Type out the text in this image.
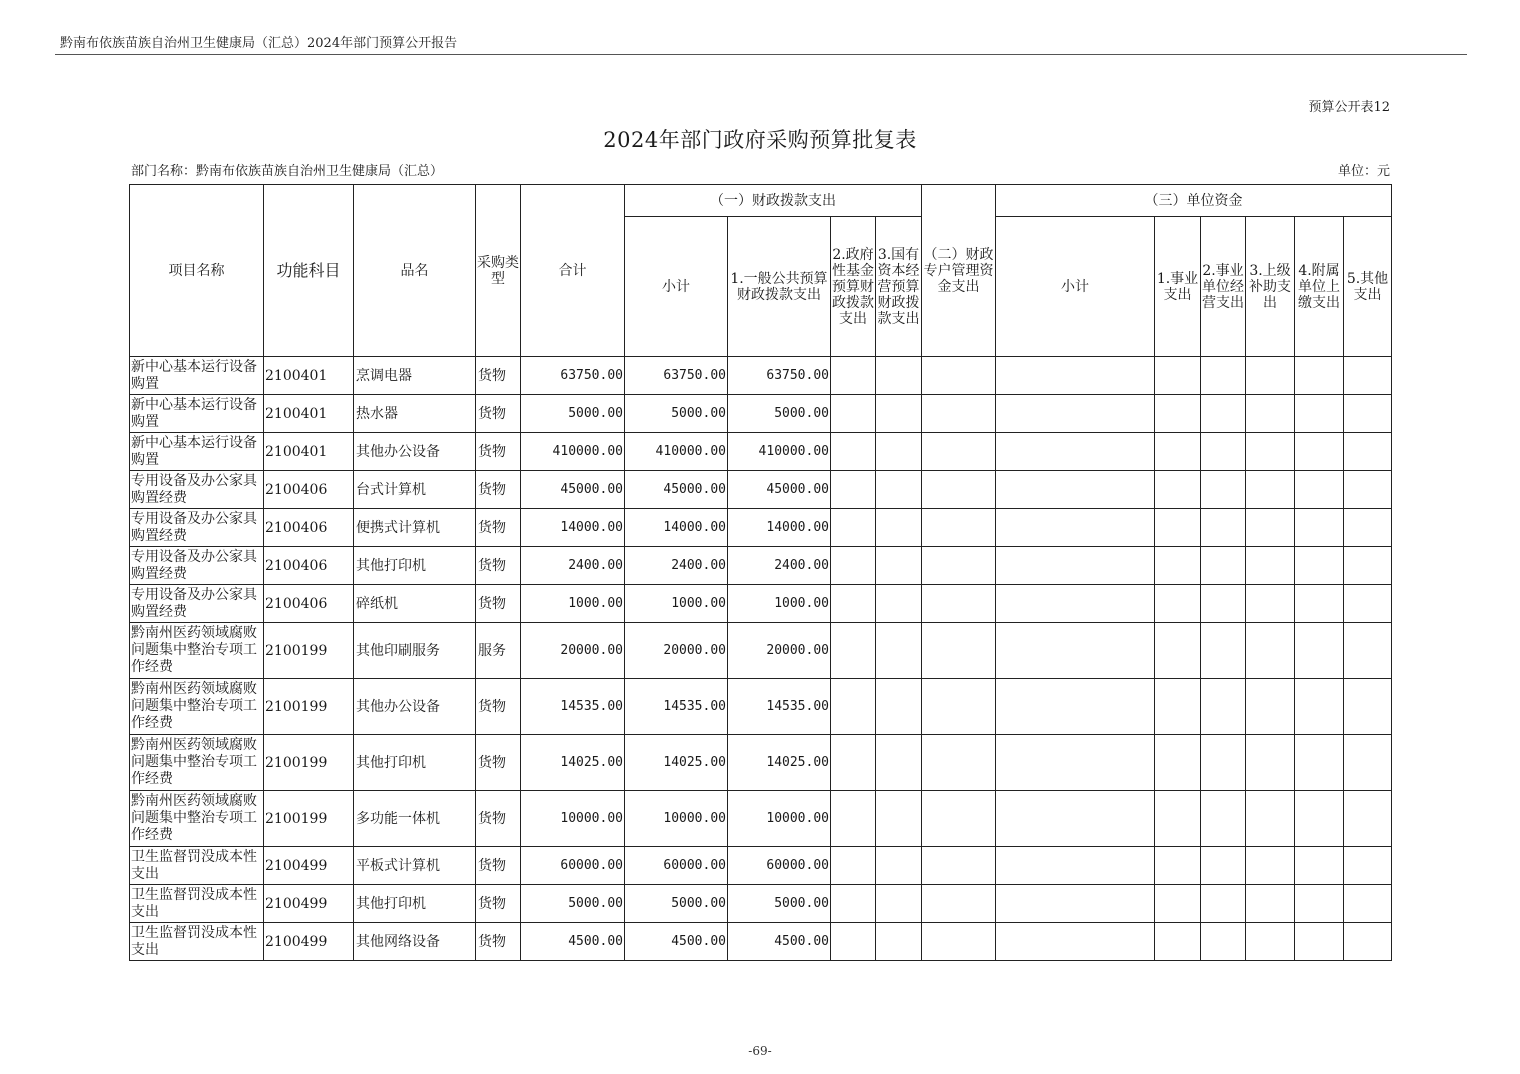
黔南布依族苗族自治州卫生健康局（汇总）2024年部门预算公开报告
预算公开表12
2024年部门政府采购预算批复表
部门名称：黔南布依族苗族自治州卫生健康局（汇总）	单位：元
项目名称	功能科目	品名	采购类型	合计	（一）财政拨款支出				（二）财政专户管理资金支出	（三）单位资金					
					小计	1.一般公共预算财政拨款支出	2.政府性基金预算财政拨款支出	3.国有资本经营预算财政拨款支出		小计	1.事业支出	2.事业单位经营支出	3.上级补助支出	4.附属单位上缴支出	5.其他支出
新中心基本运行设备购置	2100401	烹调电器	货物	63750.00	63750.00	63750.00									
新中心基本运行设备购置	2100401	热水器	货物	5000.00	5000.00	5000.00									
新中心基本运行设备购置	2100401	其他办公设备	货物	410000.00	410000.00	410000.00									
专用设备及办公家具购置经费	2100406	台式计算机	货物	45000.00	45000.00	45000.00									
专用设备及办公家具购置经费	2100406	便携式计算机	货物	14000.00	14000.00	14000.00									
专用设备及办公家具购置经费	2100406	其他打印机	货物	2400.00	2400.00	2400.00									
专用设备及办公家具购置经费	2100406	碎纸机	货物	1000.00	1000.00	1000.00									
黔南州医药领域腐败问题集中整治专项工作经费	2100199	其他印刷服务	服务	20000.00	20000.00	20000.00									
黔南州医药领域腐败问题集中整治专项工作经费	2100199	其他办公设备	货物	14535.00	14535.00	14535.00									
黔南州医药领域腐败问题集中整治专项工作经费	2100199	其他打印机	货物	14025.00	14025.00	14025.00									
黔南州医药领域腐败问题集中整治专项工作经费	2100199	多功能一体机	货物	10000.00	10000.00	10000.00									
卫生监督罚没成本性支出	2100499	平板式计算机	货物	60000.00	60000.00	60000.00									
卫生监督罚没成本性支出	2100499	其他打印机	货物	5000.00	5000.00	5000.00									
卫生监督罚没成本性支出	2100499	其他网络设备	货物	4500.00	4500.00	4500.00									
-69-
